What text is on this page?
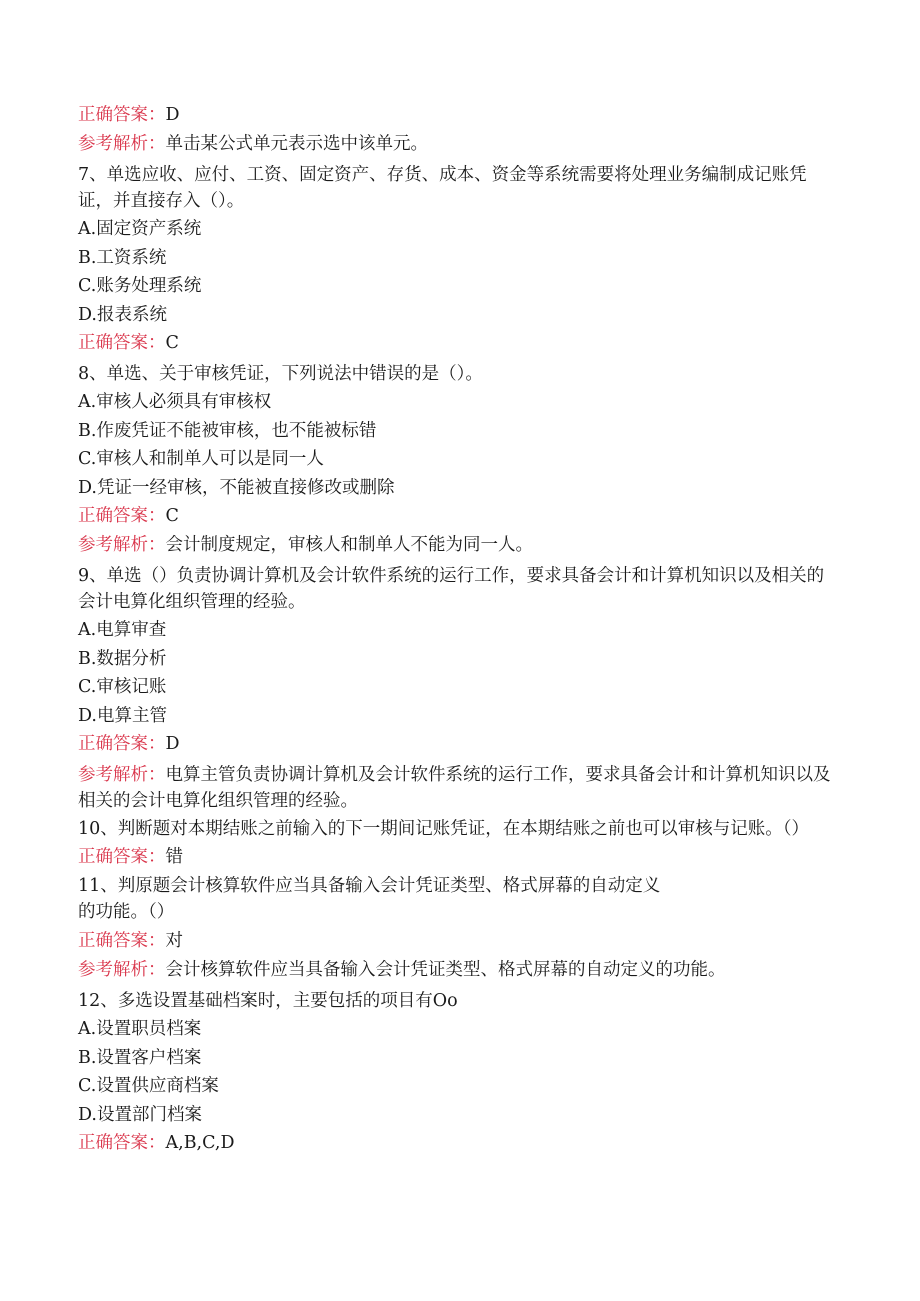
正确答案：D
参考解析：单击某公式单元表示选中该单元。
7、单选应收、应付、工资、固定资产、存货、成本、资金等系统需要将处理业务编制成记账凭证，并直接存入（）。
A.固定资产系统
B.工资系统
C.账务处理系统
D.报表系统
正确答案：C
8、单选、关于审核凭证，下列说法中错误的是（）。
A.审核人必须具有审核权
B.作废凭证不能被审核，也不能被标错
C.审核人和制单人可以是同一人
D.凭证一经审核，不能被直接修改或删除
正确答案：C
参考解析：会计制度规定，审核人和制单人不能为同一人。
9、单选（）负责协调计算机及会计软件系统的运行工作，要求具备会计和计算机知识以及相关的会计电算化组织管理的经验。
A.电算审查
B.数据分析
C.审核记账
D.电算主管
正确答案：D
参考解析：电算主管负责协调计算机及会计软件系统的运行工作，要求具备会计和计算机知识以及相关的会计电算化组织管理的经验。
10、判断题对本期结账之前输入的下一期间记账凭证，在本期结账之前也可以审核与记账。（）
正确答案：错
11、判原题会计核算软件应当具备输入会计凭证类型、格式屏幕的自动定义
的功能。（）
正确答案：对
参考解析：会计核算软件应当具备输入会计凭证类型、格式屏幕的自动定义的功能。
12、多选设置基础档案时，主要包括的项目有Oo
A.设置职员档案
B.设置客户档案
C.设置供应商档案
D.设置部门档案
正确答案：A,B,C,D
